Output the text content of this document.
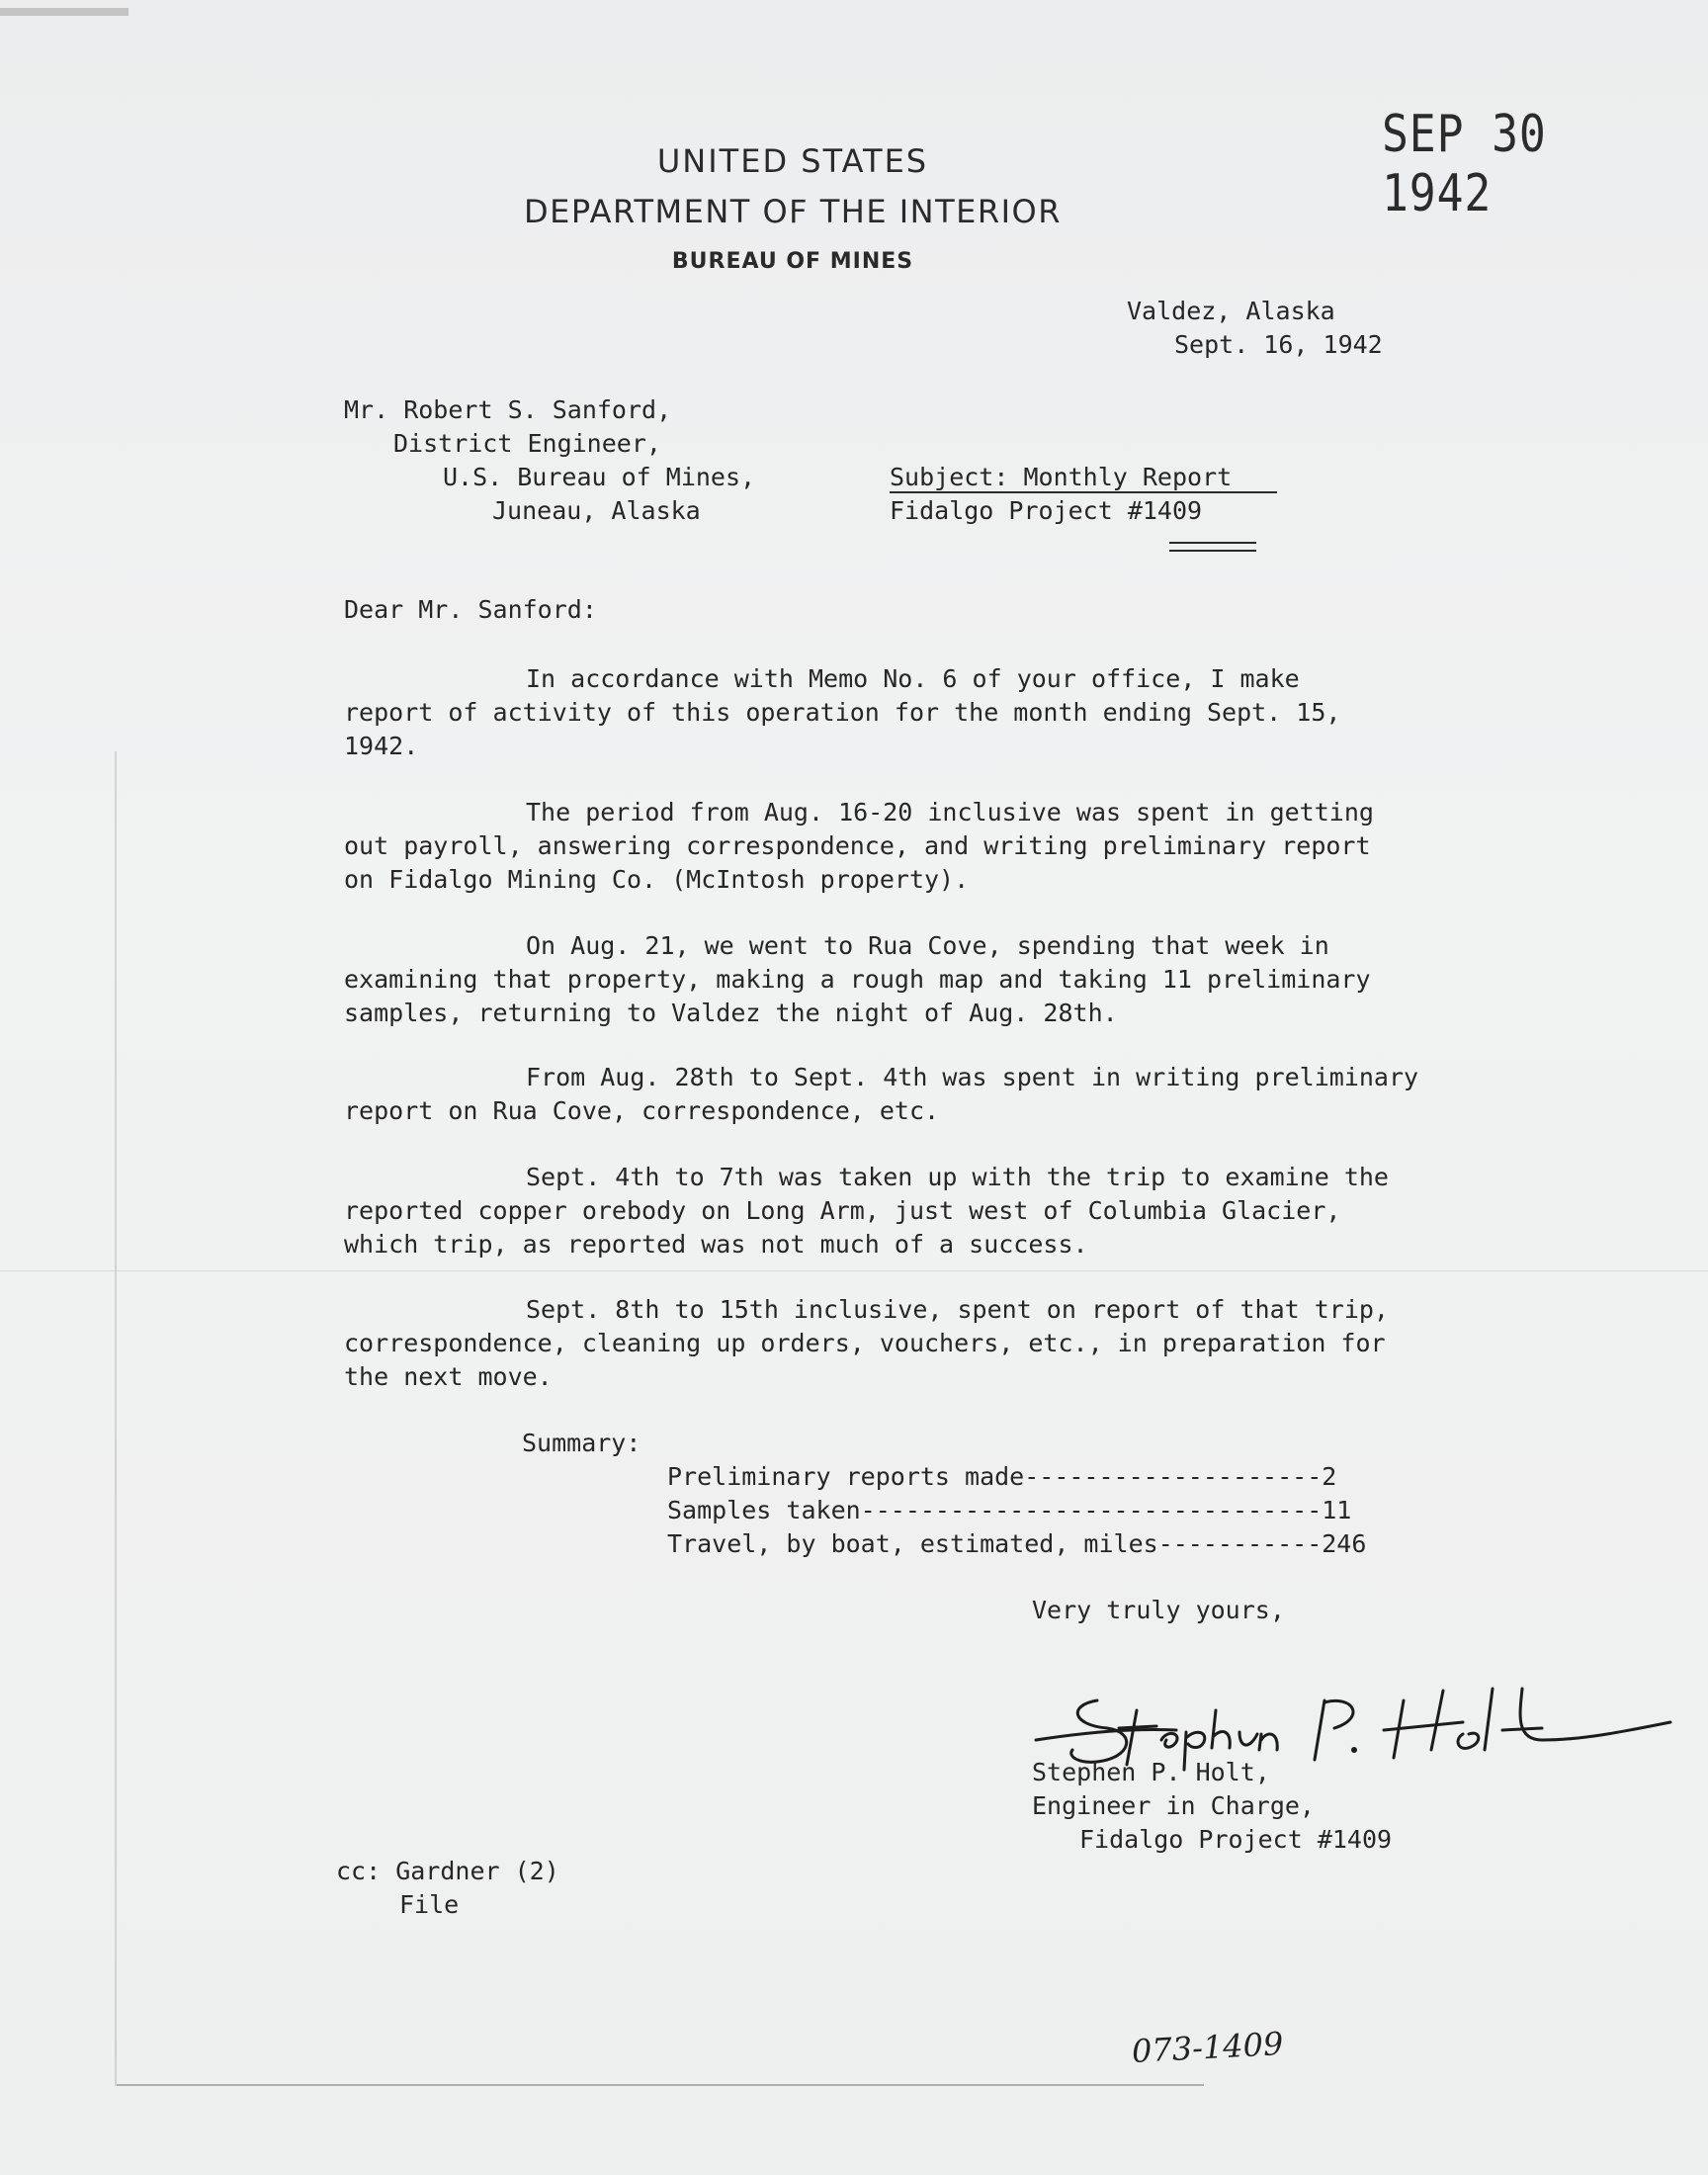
SEP 30 1942
UNITED STATES
DEPARTMENT OF THE INTERIOR
BUREAU OF MINES
Valdez, Alaska
Sept. 16, 1942
Mr. Robert S. Sanford,
District Engineer,
U.S. Bureau of Mines,
Juneau, Alaska
Subject: Monthly Report
Fidalgo Project #1409
Dear Mr. Sanford:
In accordance with Memo No. 6 of your office, I make
report of activity of this operation for the month ending Sept. 15,
1942.
The period from Aug. 16-20 inclusive was spent in getting
out payroll, answering correspondence, and writing preliminary report
on Fidalgo Mining Co. (McIntosh property).
On Aug. 21, we went to Rua Cove, spending that week in
examining that property, making a rough map and taking 11 preliminary
samples, returning to Valdez the night of Aug. 28th.
From Aug. 28th to Sept. 4th was spent in writing preliminary
report on Rua Cove, correspondence, etc.
Sept. 4th to 7th was taken up with the trip to examine the
reported copper orebody on Long Arm, just west of Columbia Glacier,
which trip, as reported was not much of a success.
Sept. 8th to 15th inclusive, spent on report of that trip,
correspondence, cleaning up orders, vouchers, etc., in preparation for
the next move.
Summary:
Preliminary reports made--------------------2
Samples taken-------------------------------11
Travel, by boat, estimated, miles-----------246
Very truly yours,
Stephen P. Holt,
Engineer in Charge,
Fidalgo Project #1409
cc: Gardner (2)
File
073-1409
